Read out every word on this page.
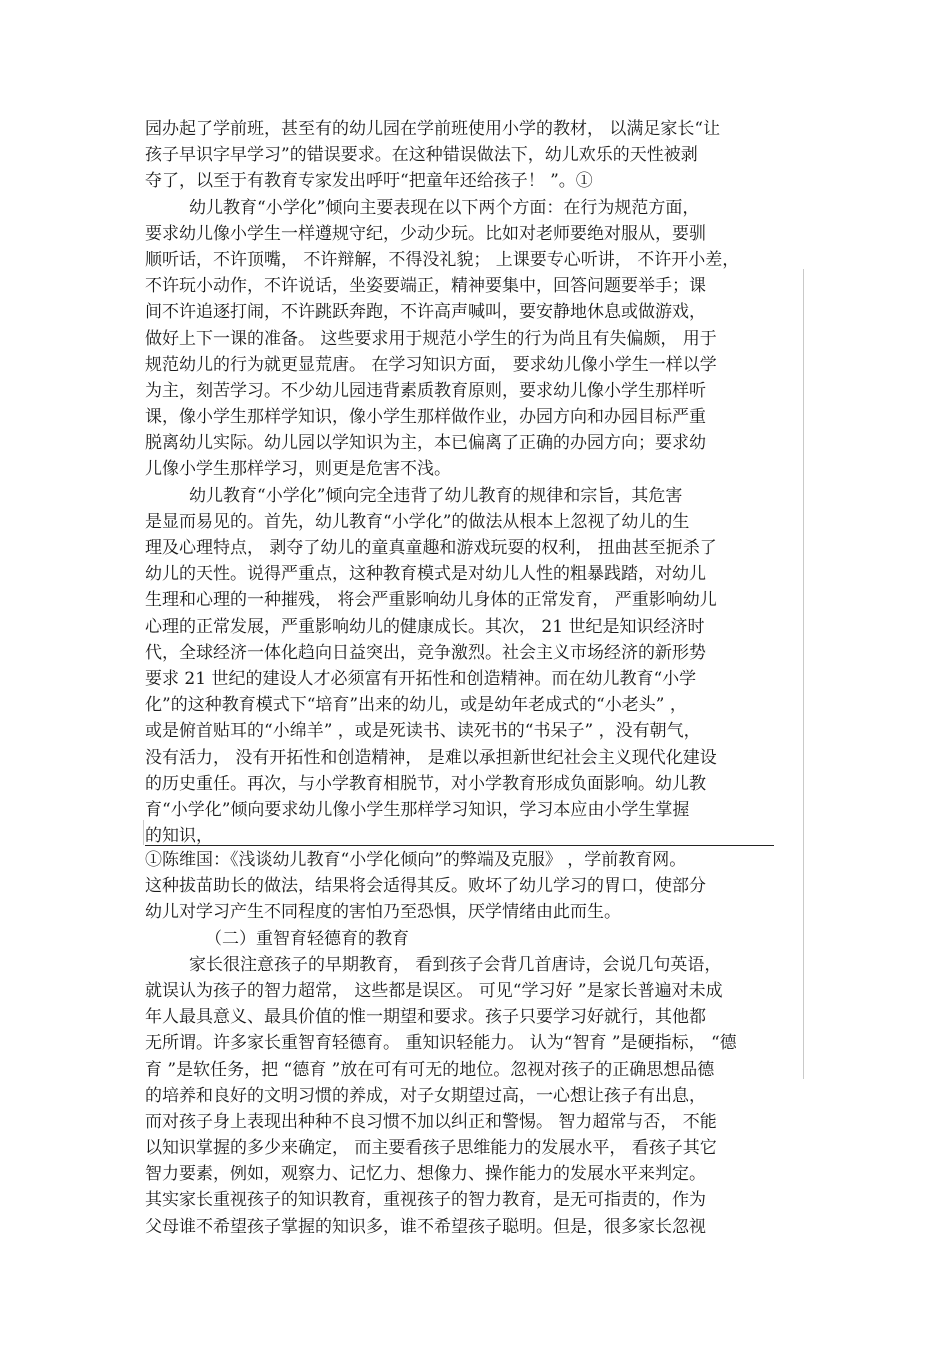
园办起了学前班，甚至有的幼儿园在学前班使用小学的教材， 以满足家长“让
孩子早识字早学习”的错误要求。在这种错误做法下，幼儿欢乐的天性被剥
夺了，以至于有教育专家发出呼吁“把童年还给孩子！ ”。①
幼儿教育“小学化”倾向主要表现在以下两个方面：在行为规范方面，
要求幼儿像小学生一样遵规守纪，少动少玩。比如对老师要绝对服从，要驯
顺听话，不许顶嘴， 不许辩解，不得没礼貌； 上课要专心听讲， 不许开小差，
不许玩小动作，不许说话，坐姿要端正，精神要集中，回答问题要举手；课
间不许追逐打闹，不许跳跃奔跑，不许高声喊叫，要安静地休息或做游戏，
做好上下一课的准备。 这些要求用于规范小学生的行为尚且有失偏颇， 用于
规范幼儿的行为就更显荒唐。 在学习知识方面， 要求幼儿像小学生一样以学
为主，刻苦学习。不少幼儿园违背素质教育原则，要求幼儿像小学生那样听
课，像小学生那样学知识，像小学生那样做作业，办园方向和办园目标严重
脱离幼儿实际。幼儿园以学知识为主，本已偏离了正确的办园方向；要求幼
儿像小学生那样学习，则更是危害不浅。
幼儿教育“小学化”倾向完全违背了幼儿教育的规律和宗旨，其危害
是显而易见的。首先，幼儿教育“小学化”的做法从根本上忽视了幼儿的生
理及心理特点， 剥夺了幼儿的童真童趣和游戏玩耍的权利， 扭曲甚至扼杀了
幼儿的天性。说得严重点，这种教育模式是对幼儿人性的粗暴践踏，对幼儿
生理和心理的一种摧残， 将会严重影响幼儿身体的正常发育， 严重影响幼儿
心理的正常发展，严重影响幼儿的健康成长。其次， 21 世纪是知识经济时
代，全球经济一体化趋向日益突出，竞争激烈。社会主义市场经济的新形势
要求 21 世纪的建设人才必须富有开拓性和创造精神。而在幼儿教育“小学
化”的这种教育模式下“培育”出来的幼儿，或是幼年老成式的“小老头” ，
或是俯首贴耳的“小绵羊” ，或是死读书、读死书的“书呆子” ，没有朝气，
没有活力， 没有开拓性和创造精神， 是难以承担新世纪社会主义现代化建设
的历史重任。再次，与小学教育相脱节，对小学教育形成负面影响。幼儿教
育“小学化”倾向要求幼儿像小学生那样学习知识，学习本应由小学生掌握
的知识，
①陈维国：《浅谈幼儿教育“小学化倾向”的弊端及克服》 ，学前教育网。
这种拔苗助长的做法，结果将会适得其反。败坏了幼儿学习的胃口，使部分
幼儿对学习产生不同程度的害怕乃至恐惧，厌学情绪由此而生。
（二）重智育轻德育的教育
家长很注意孩子的早期教育， 看到孩子会背几首唐诗，会说几句英语，
就误认为孩子的智力超常， 这些都是误区。 可见“学习好 ”是家长普遍对未成
年人最具意义、最具价值的惟一期望和要求。孩子只要学习好就行，其他都
无所谓。许多家长重智育轻德育。 重知识轻能力。 认为“智育 ”是硬指标， “德
育 ”是软任务，把 “德育 ”放在可有可无的地位。忽视对孩子的正确思想品德
的培养和良好的文明习惯的养成，对子女期望过高，一心想让孩子有出息，
而对孩子身上表现出种种不良习惯不加以纠正和警惕。 智力超常与否， 不能
以知识掌握的多少来确定， 而主要看孩子思维能力的发展水平， 看孩子其它
智力要素，例如，观察力、记忆力、想像力、操作能力的发展水平来判定。
其实家长重视孩子的知识教育，重视孩子的智力教育，是无可指责的，作为
父母谁不希望孩子掌握的知识多，谁不希望孩子聪明。但是，很多家长忽视
